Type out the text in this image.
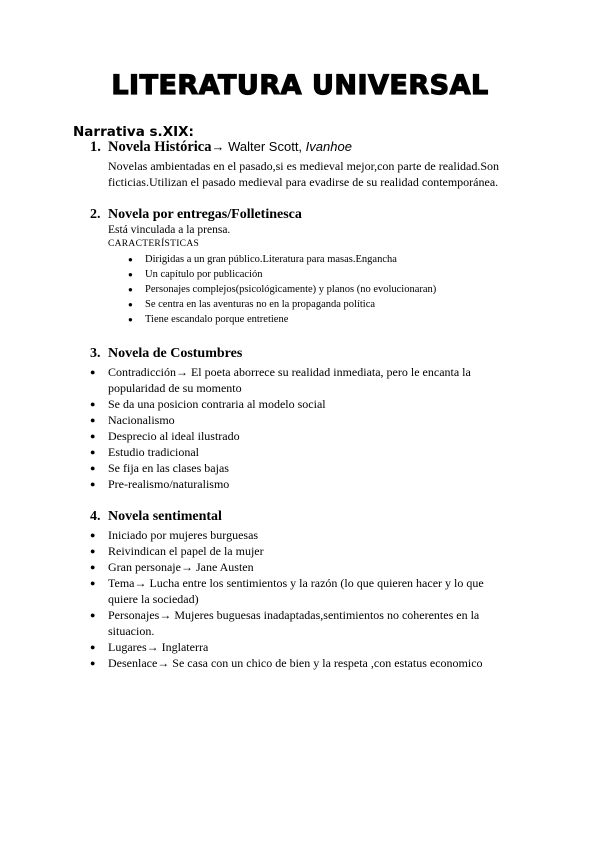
LITERATURA UNIVERSAL
Narrativa s.XIX:
1. Novela Histórica→ Walter Scott, Ivanhoe

Novelas ambientadas en el pasado,si es medieval mejor,con parte de realidad.Son ficticias.Utilizan el pasado medieval para evadirse de su realidad contemporánea.

2. Novela por entregas/Folletinesca

Está vinculada a la prensa.

CARACTERÍSTICAS

● Dirigidas a un gran público.Literatura para masas.Engancha
● Un capítulo por publicación
● Personajes complejos(psicológicamente) y planos (no evolucionaran)
● Se centra en las aventuras no en la propaganda política
● Tiene escandalo porque entretiene
3. Novela de Costumbres
● Contradicción→ El poeta aborrece su realidad inmediata, pero le encanta la popularidad de su momento
● Se da una posicion contraria al modelo social
● Nacionalismo
● Desprecio al ideal ilustrado
● Estudio tradicional
● Se fija en las clases bajas
● Pre-realismo/naturalismo
4. Novela sentimental
● Iniciado por mujeres burguesas
● Reivindican el papel de la mujer
● Gran personaje→ Jane Austen
● Tema→ Lucha entre los sentimientos y la razón (lo que quieren hacer y lo que quiere la sociedad)
● Personajes→ Mujeres buguesas inadaptadas,sentimientos no coherentes en la situacion.
● Lugares→ Inglaterra
● Desenlace→ Se casa con un chico de bien y la respeta ,con estatus economico
